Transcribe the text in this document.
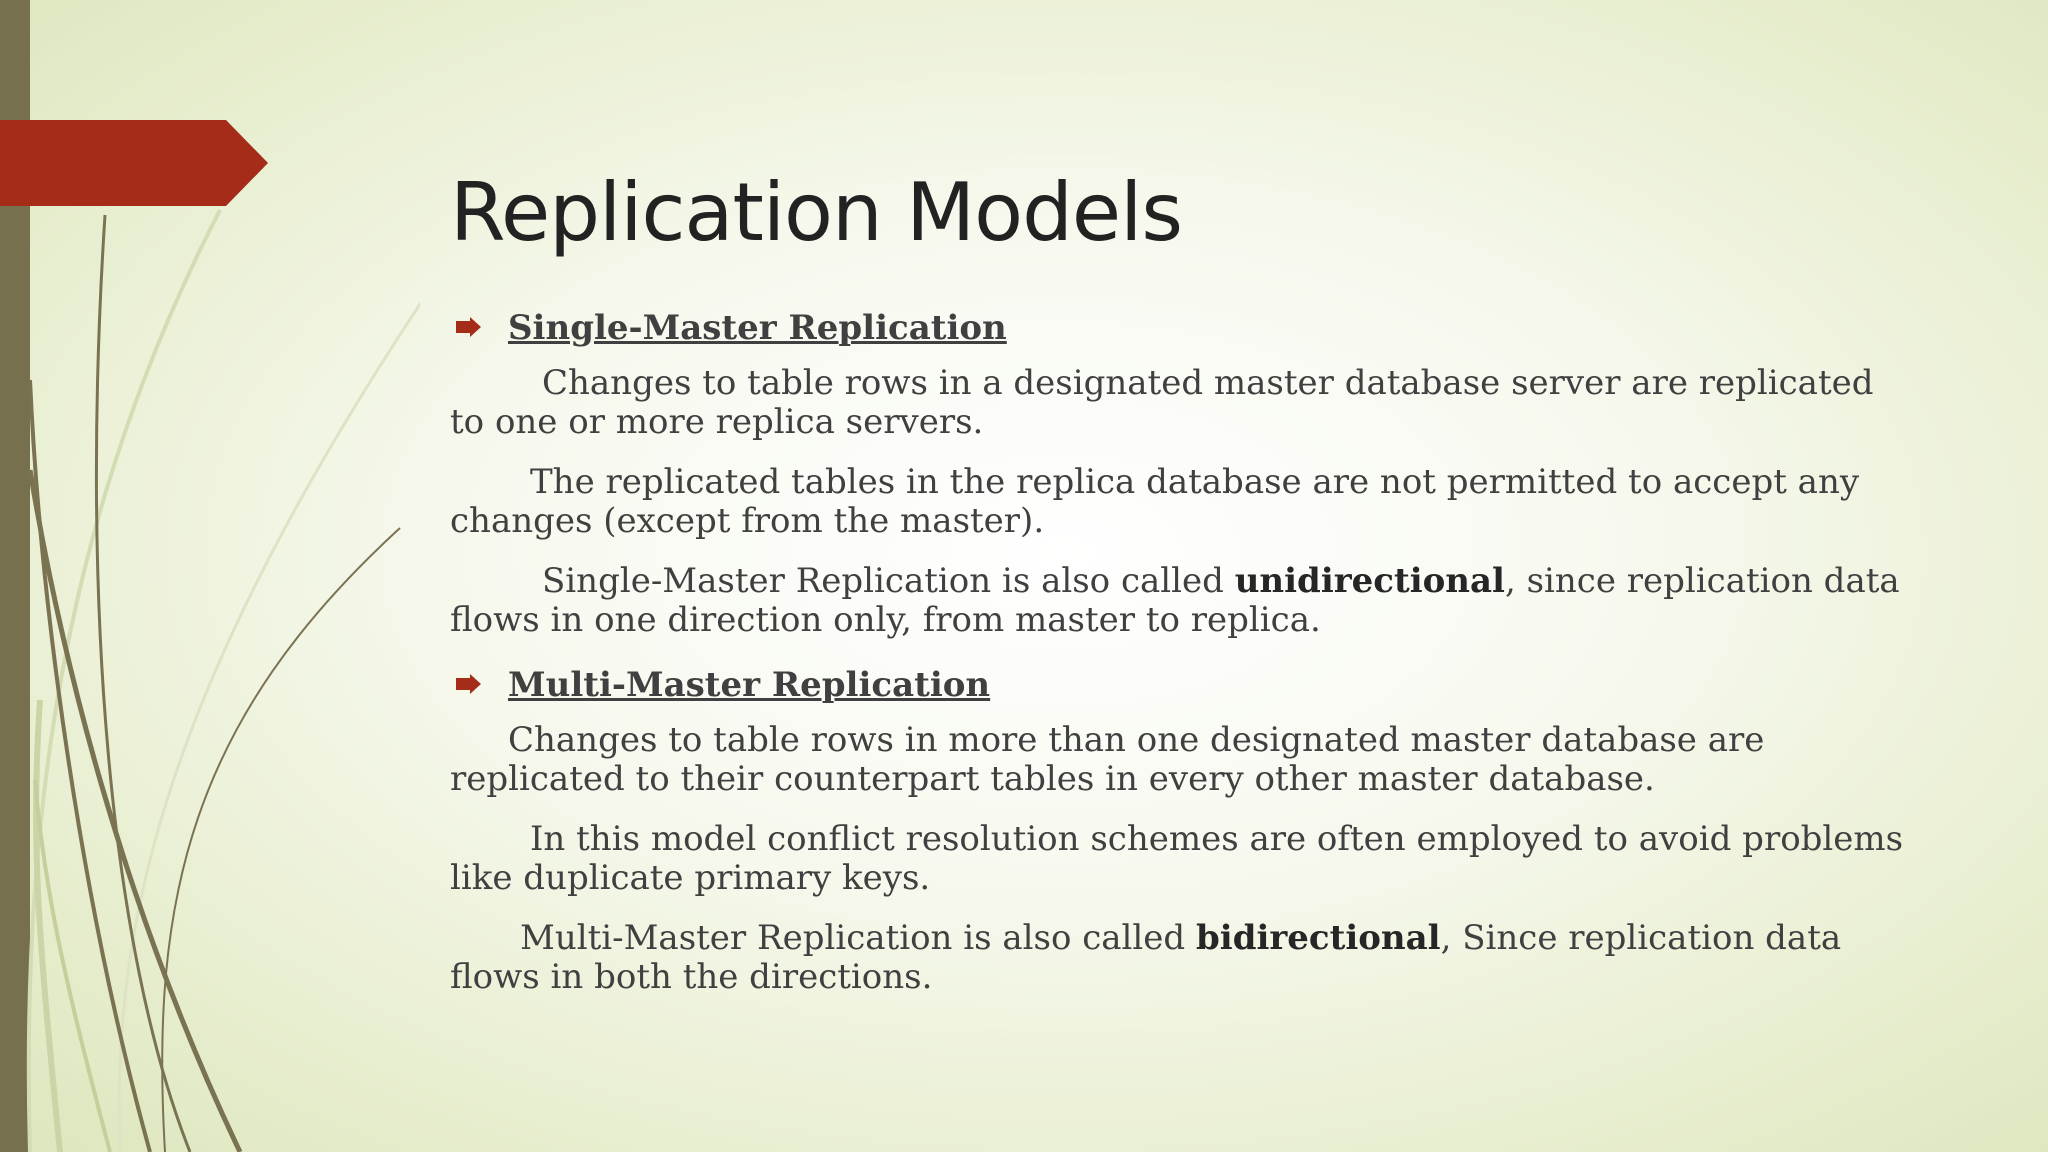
Replication Models
Single-Master Replication

Changes to table rows in a designated master database server are replicated to one or more replica servers.

The replicated tables in the replica database are not permitted to accept any changes (except from the master).

Single-Master Replication is also called unidirectional, since replication data flows in one direction only, from master to replica.

Multi-Master Replication

Changes to table rows in more than one designated master database are replicated to their counterpart tables in every other master database.

In this model conflict resolution schemes are often employed to avoid problems like duplicate primary keys.

Multi-Master Replication is also called bidirectional, Since replication data flows in both the directions.
